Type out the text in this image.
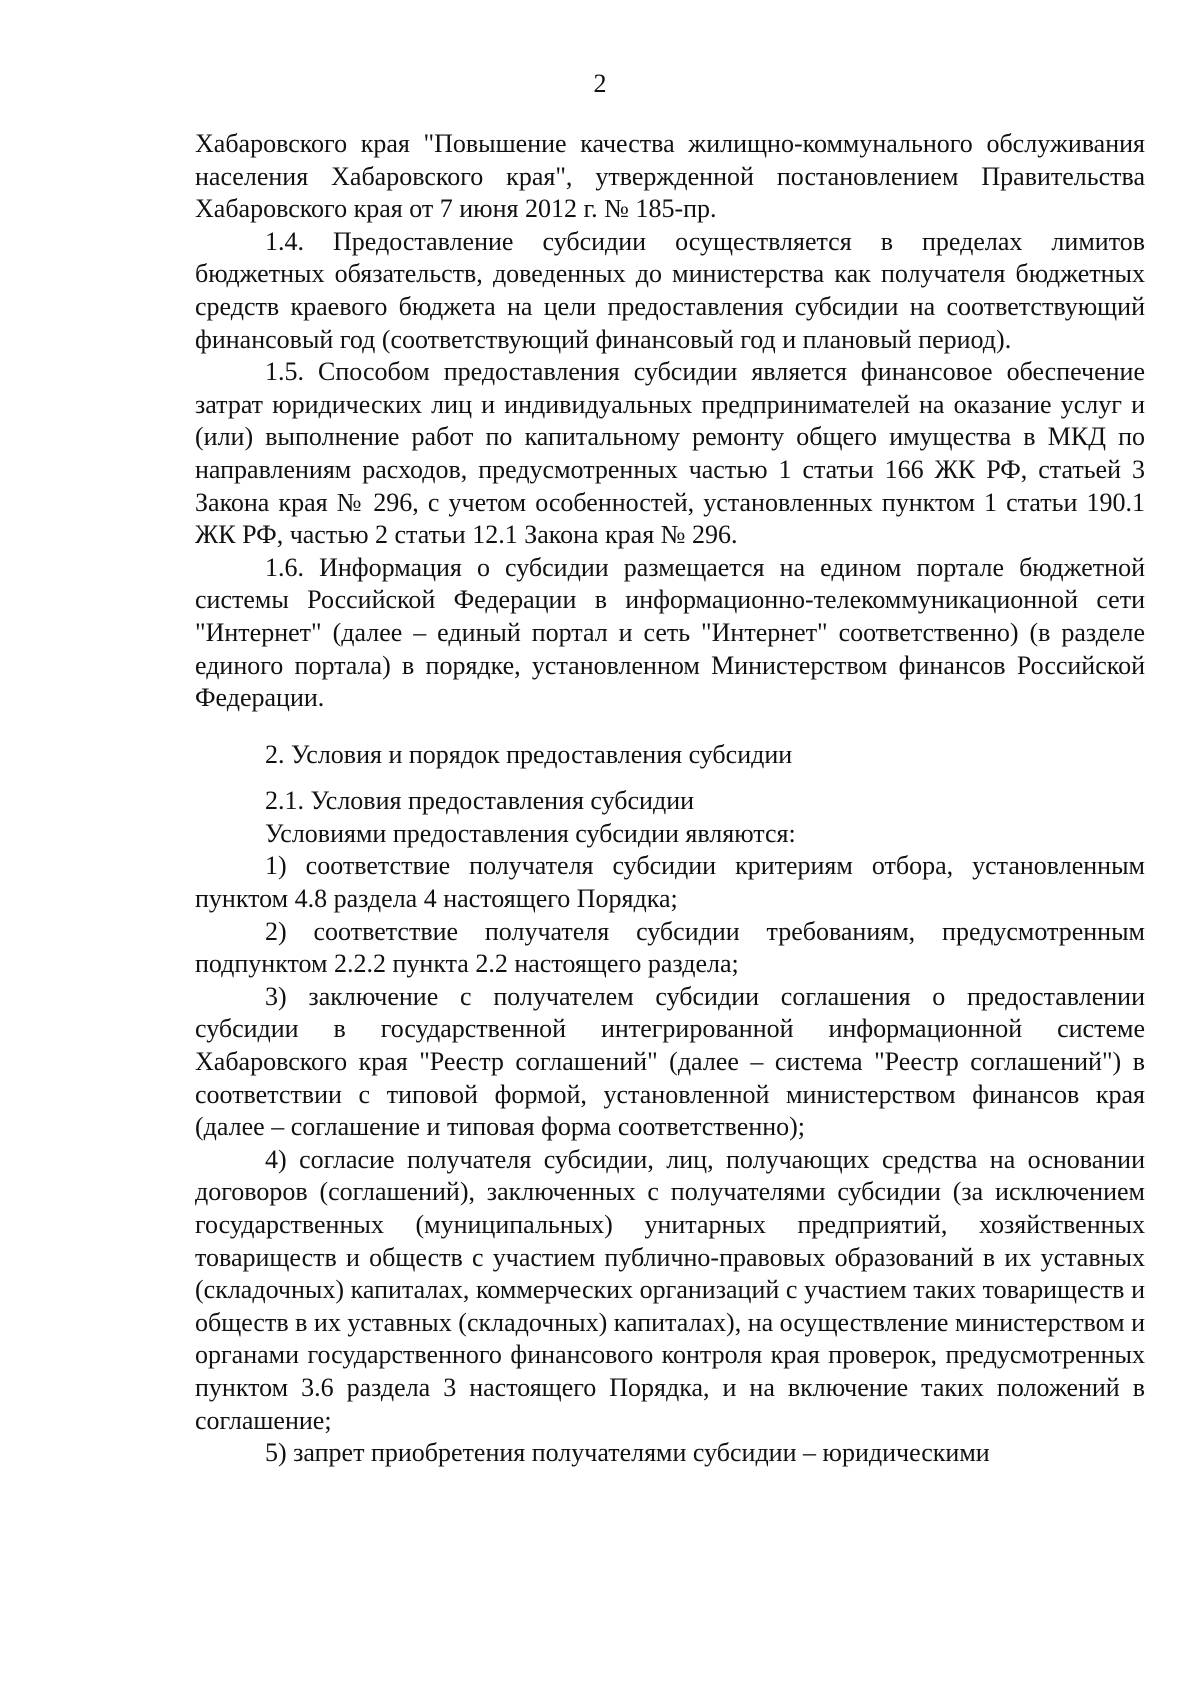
2

Хабаровского края "Повышение качества жилищно-коммунального обслуживания населения Хабаровского края", утвержденной постановлением Правительства Хабаровского края от 7 июня 2012 г. № 185-пр.

1.4. Предоставление субсидии осуществляется в пределах лимитов бюджетных обязательств, доведенных до министерства как получателя бюджетных средств краевого бюджета на цели предоставления субсидии на соответствующий финансовый год (соответствующий финансовый год и плановый период).

1.5. Способом предоставления субсидии является финансовое обеспечение затрат юридических лиц и индивидуальных предпринимателей на оказание услуг и (или) выполнение работ по капитальному ремонту общего имущества в МКД по направлениям расходов, предусмотренных частью 1 статьи 166 ЖК РФ, статьей 3 Закона края № 296, с учетом особенностей, установленных пунктом 1 статьи 190.1 ЖК РФ, частью 2 статьи 12.1 Закона края № 296.

1.6. Информация о субсидии размещается на едином портале бюджетной системы Российской Федерации в информационно-телекоммуникационной сети "Интернет" (далее – единый портал и сеть "Интернет" соответственно) (в разделе единого портала) в порядке, установленном Министерством финансов Российской Федерации.

2. Условия и порядок предоставления субсидии

2.1. Условия предоставления субсидии

Условиями предоставления субсидии являются:

1) соответствие получателя субсидии критериям отбора, установленным пунктом 4.8 раздела 4 настоящего Порядка;

2) соответствие получателя субсидии требованиям, предусмотренным подпунктом 2.2.2 пункта 2.2 настоящего раздела;

3) заключение с получателем субсидии соглашения о предоставлении субсидии в государственной интегрированной информационной системе Хабаровского края "Реестр соглашений" (далее – система "Реестр соглашений") в соответствии с типовой формой, установленной министерством финансов края (далее – соглашение и типовая форма соответственно);

4) согласие получателя субсидии, лиц, получающих средства на основании договоров (соглашений), заключенных с получателями субсидии (за исключением государственных (муниципальных) унитарных предприятий, хозяйственных товариществ и обществ с участием публично-правовых образований в их уставных (складочных) капиталах, коммерческих организаций с участием таких товариществ и обществ в их уставных (складочных) капиталах), на осуществление министерством и органами государственного финансового контроля края проверок, предусмотренных пунктом 3.6 раздела 3 настоящего Порядка, и на включение таких положений в соглашение;

5) запрет приобретения получателями субсидии – юридическими
